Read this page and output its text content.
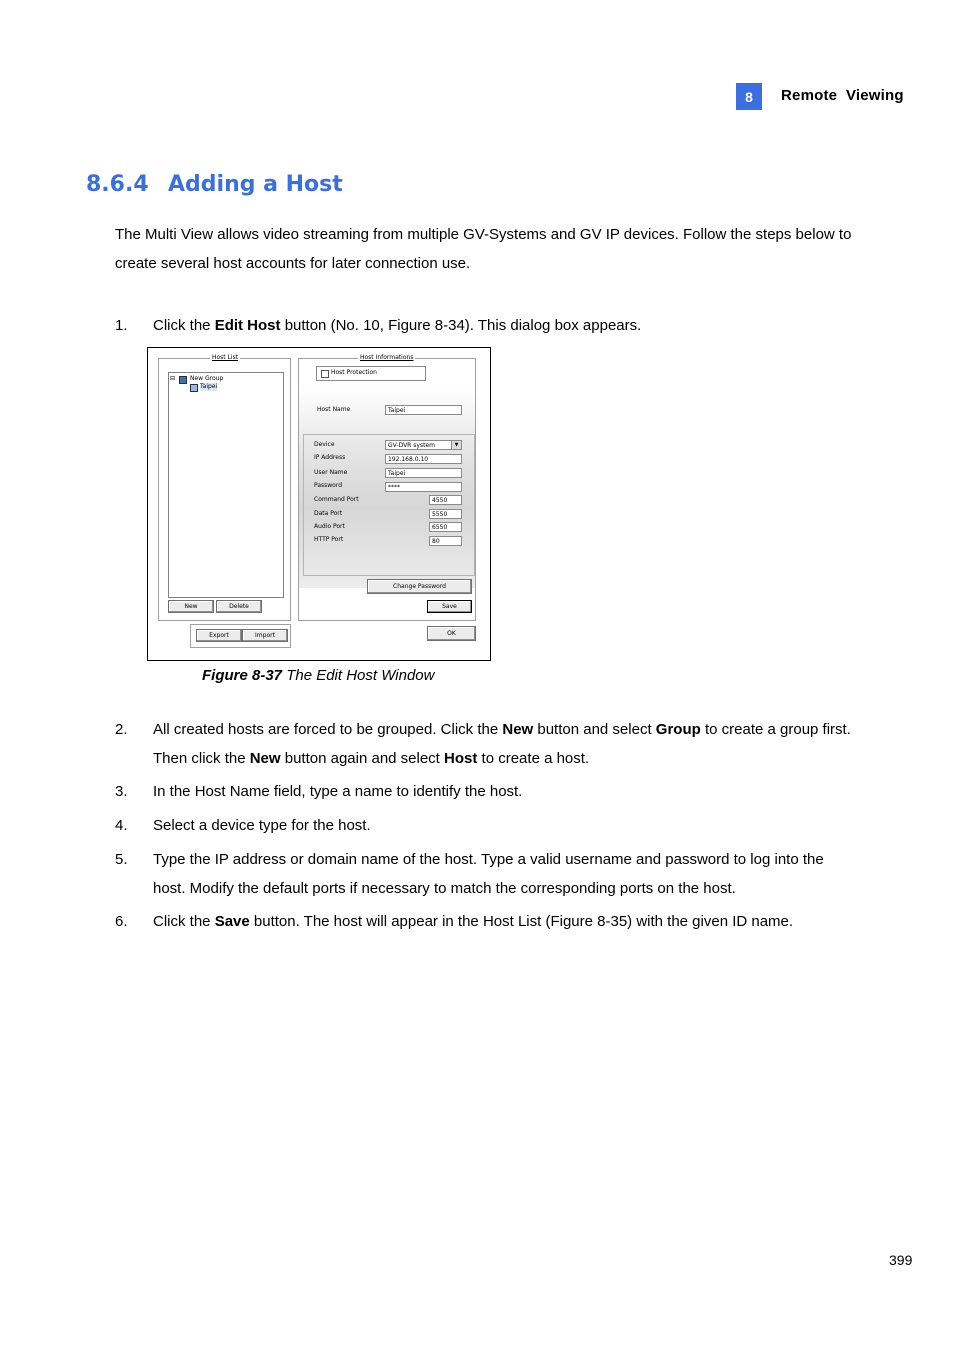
8	Remote  Viewing
8.6.4 Adding a Host
The Multi View allows video streaming from multiple GV-Systems and GV IP devices. Follow the steps below to create several host accounts for later connection use.
1. Click the Edit Host button (No. 10, Figure 8-34). This dialog box appears.
Host List
⊟ New Group
Taipei
New	Delete
Export	Import
Host Informations
Host Protection
Host Name	Taipei
Device	GV-DVR system	▼
IP Address	192.168.0.10
User Name	Taipei
Password	****
Command Port	4550
Data Port	5550
Audio Port	6550
HTTP Port	80
Change Password
Save
OK
Figure 8-37 The Edit Host Window
2. All created hosts are forced to be grouped. Click the New button and select Group to create a group first. Then click the New button again and select Host to create a host.
3. In the Host Name field, type a name to identify the host.
4. Select a device type for the host.
5. Type the IP address or domain name of the host. Type a valid username and password to log into the host. Modify the default ports if necessary to match the corresponding ports on the host.
6. Click the Save button. The host will appear in the Host List (Figure 8-35) with the given ID name.
399
